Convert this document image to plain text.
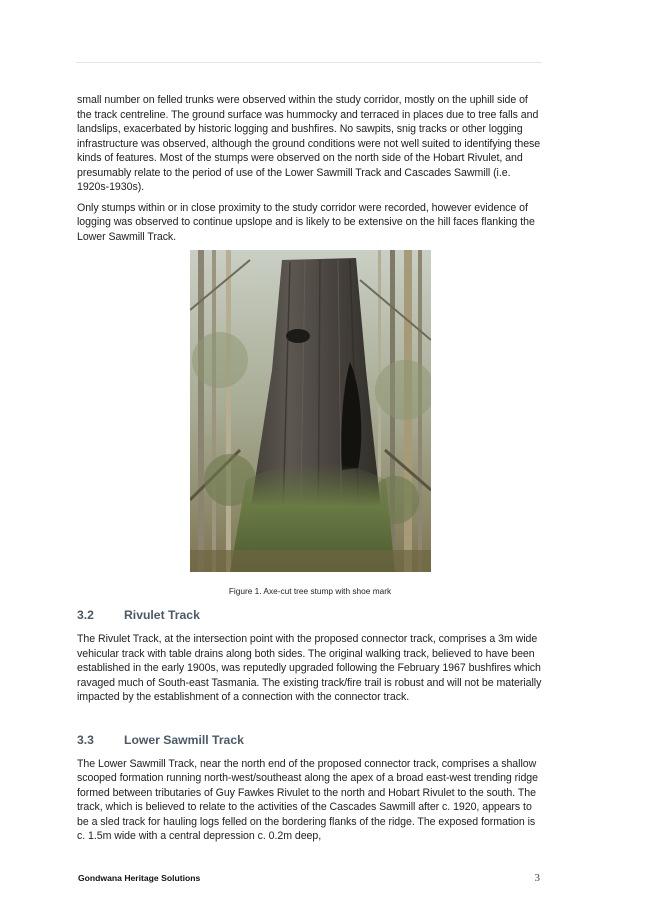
small number on felled trunks were observed within the study corridor, mostly on the uphill side of the track centreline. The ground surface was hummocky and terraced in places due to tree falls and landslips, exacerbated by historic logging and bushfires. No sawpits, snig tracks or other logging infrastructure was observed, although the ground conditions were not well suited to identifying these kinds of features. Most of the stumps were observed on the north side of the Hobart Rivulet, and presumably relate to the period of use of the Lower Sawmill Track and Cascades Sawmill (i.e. 1920s-1930s).

Only stumps within or in close proximity to the study corridor were recorded, however evidence of logging was observed to continue upslope and is likely to be extensive on the hill faces flanking the Lower Sawmill Track.

Figure 1. Axe-cut tree stump with shoe mark
3.2	Rivulet Track

The Rivulet Track, at the intersection point with the proposed connector track, comprises a 3m wide vehicular track with table drains along both sides. The original walking track, believed to have been established in the early 1900s, was reputedly upgraded following the February 1967 bushfires which ravaged much of South-east Tasmania. The existing track/fire trail is robust and will not be materially impacted by the establishment of a connection with the connector track.

3.3	Lower Sawmill Track

The Lower Sawmill Track, near the north end of the proposed connector track, comprises a shallow scooped formation running north-west/southeast along the apex of a broad east-west trending ridge formed between tributaries of Guy Fawkes Rivulet to the north and Hobart Rivulet to the south. The track, which is believed to relate to the activities of the Cascades Sawmill after c. 1920, appears to be a sled track for hauling logs felled on the bordering flanks of the ridge. The exposed formation is c. 1.5m wide with a central depression c. 0.2m deep,

Gondwana Heritage Solutions	3
